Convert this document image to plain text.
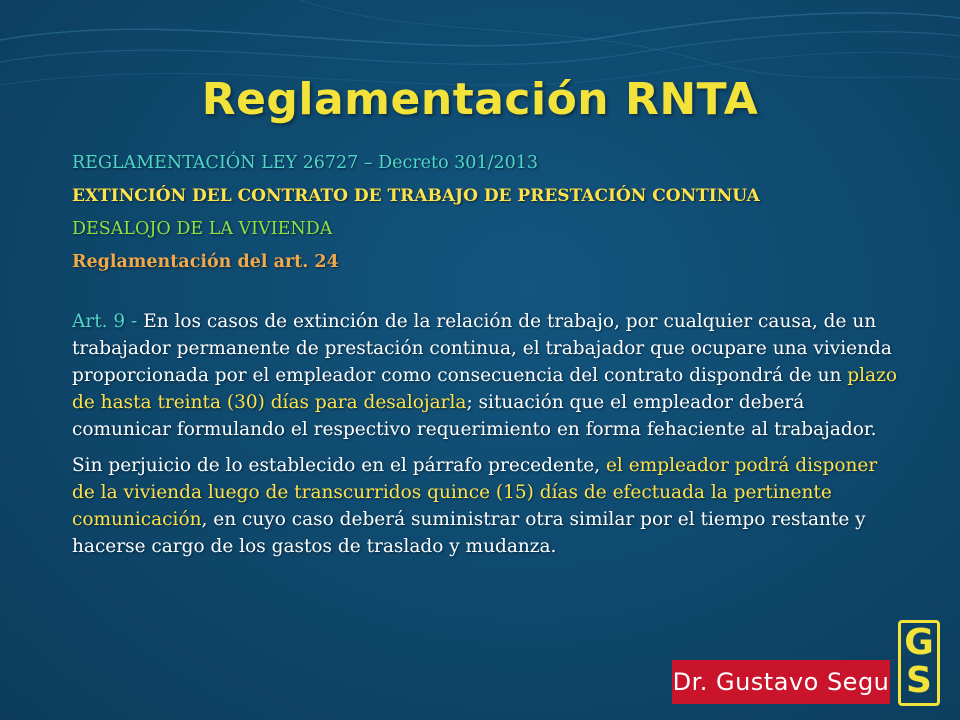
Reglamentación RNTA

REGLAMENTACIÓN LEY 26727 – Decreto 301/2013

EXTINCIÓN DEL CONTRATO DE TRABAJO DE PRESTACIÓN CONTINUA

DESALOJO DE LA VIVIENDA

Reglamentación del art. 24

Art. 9 - En los casos de extinción de la relación de trabajo, por cualquier causa, de un trabajador permanente de prestación continua, el trabajador que ocupare una vivienda proporcionada por el empleador como consecuencia del contrato dispondrá de un plazo de hasta treinta (30) días para desalojarla; situación que el empleador deberá comunicar formulando el respectivo requerimiento en forma fehaciente al trabajador.

Sin perjuicio de lo establecido en el párrafo precedente, el empleador podrá disponer de la vivienda luego de transcurridos quince (15) días de efectuada la pertinente comunicación, en cuyo caso deberá suministrar otra similar por el tiempo restante y hacerse cargo de los gastos de traslado y mudanza.

Dr. Gustavo Segu
G
S
